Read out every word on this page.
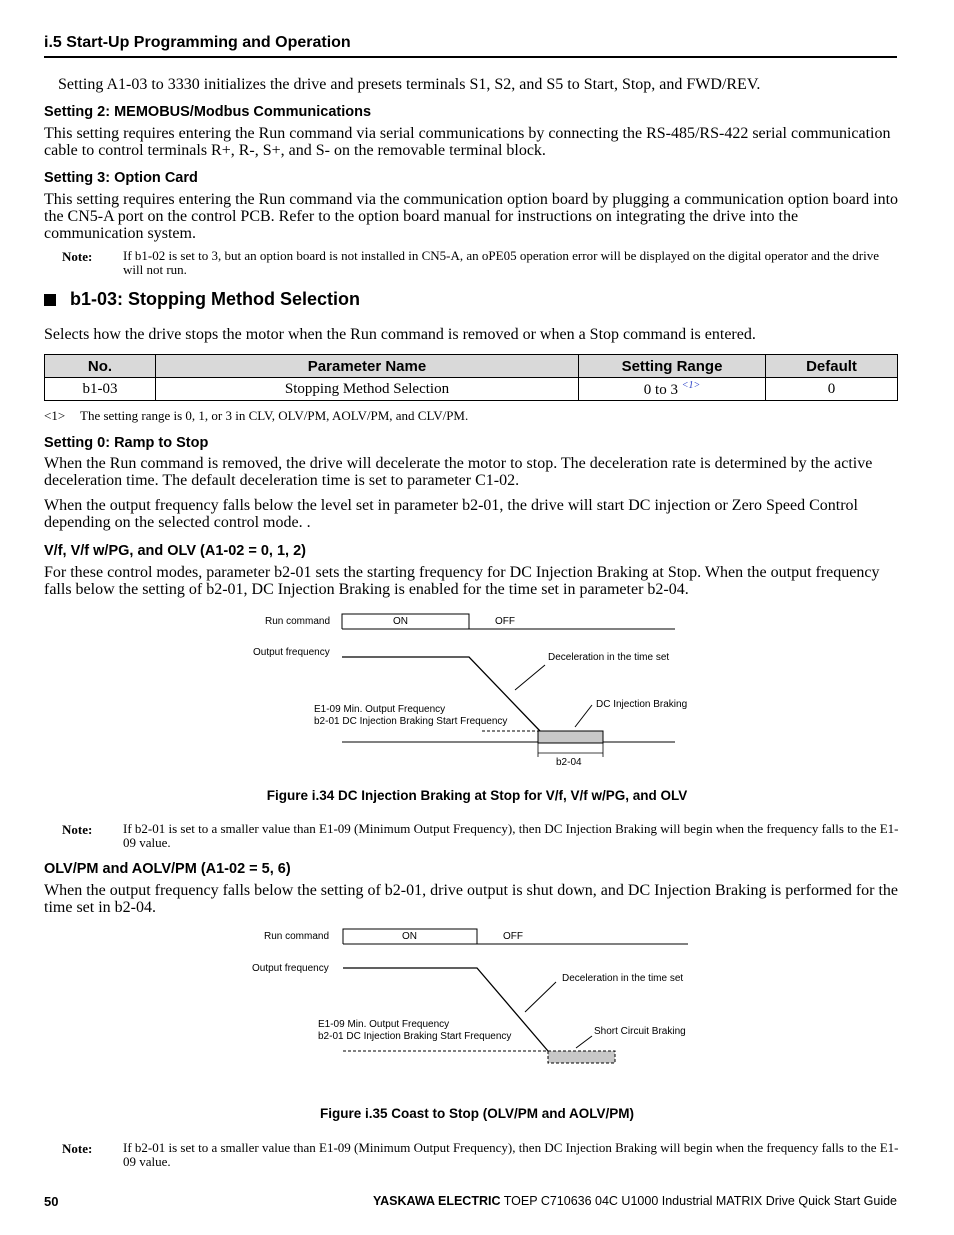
i.5 Start-Up Programming and Operation
Setting A1-03 to 3330 initializes the drive and presets terminals S1, S2, and S5 to Start, Stop, and FWD/REV.
Setting 2: MEMOBUS/Modbus Communications
This setting requires entering the Run command via serial communications by connecting the RS-485/RS-422 serial communication cable to control terminals R+, R-, S+, and S- on the removable terminal block.
Setting 3: Option Card
This setting requires entering the Run command via the communication option board by plugging a communication option board into the CN5-A port on the control PCB. Refer to the option board manual for instructions on integrating the drive into the communication system.
Note: If b1-02 is set to 3, but an option board is not installed in CN5-A, an oPE05 operation error will be displayed on the digital operator and the drive will not run.
b1-03: Stopping Method Selection
Selects how the drive stops the motor when the Run command is removed or when a Stop command is entered.
No.	Parameter Name	Setting Range	Default
b1-03	Stopping Method Selection	0 to 3 $^{<1>}$	0
<1> The setting range is 0, 1, or 3 in CLV, OLV/PM, AOLV/PM, and CLV/PM.
Setting 0: Ramp to Stop
When the Run command is removed, the drive will decelerate the motor to stop. The deceleration rate is determined by the active deceleration time. The default deceleration time is set to parameter C1-02.
When the output frequency falls below the level set in parameter b2-01, the drive will start DC injection or Zero Speed Control depending on the selected control mode. .
V/f, V/f w/PG, and OLV (A1-02 = 0, 1, 2)
For these control modes, parameter b2-01 sets the starting frequency for DC Injection Braking at Stop. When the output frequency falls below the setting of b2-01, DC Injection Braking is enabled for the time set in parameter b2-04.
Run command	ON	OFF
Output frequency	Deceleration in the time set
E1-09 Min. Output Frequency
b2-01 DC Injection Braking Start Frequency
DC Injection Braking
b2-04
Figure i.34 DC Injection Braking at Stop for V/f, V/f w/PG, and OLV
Note: If b2-01 is set to a smaller value than E1-09 (Minimum Output Frequency), then DC Injection Braking will begin when the frequency falls to the E1-09 value.
OLV/PM and AOLV/PM (A1-02 = 5, 6)
When the output frequency falls below the setting of b2-01, drive output is shut down, and DC Injection Braking is performed for the time set in b2-04.
Run command	ON	OFF
Output frequency
Deceleration in the time set
E1-09 Min. Output Frequency
b2-01 DC Injection Braking Start Frequency	Short Circuit Braking
Figure i.35 Coast to Stop (OLV/PM and AOLV/PM)
Note: If b2-01 is set to a smaller value than E1-09 (Minimum Output Frequency), then DC Injection Braking will begin when the frequency falls to the E1-09 value.
50	YASKAWA ELECTRIC TOEP C710636 04C U1000 Industrial MATRIX Drive Quick Start Guide
